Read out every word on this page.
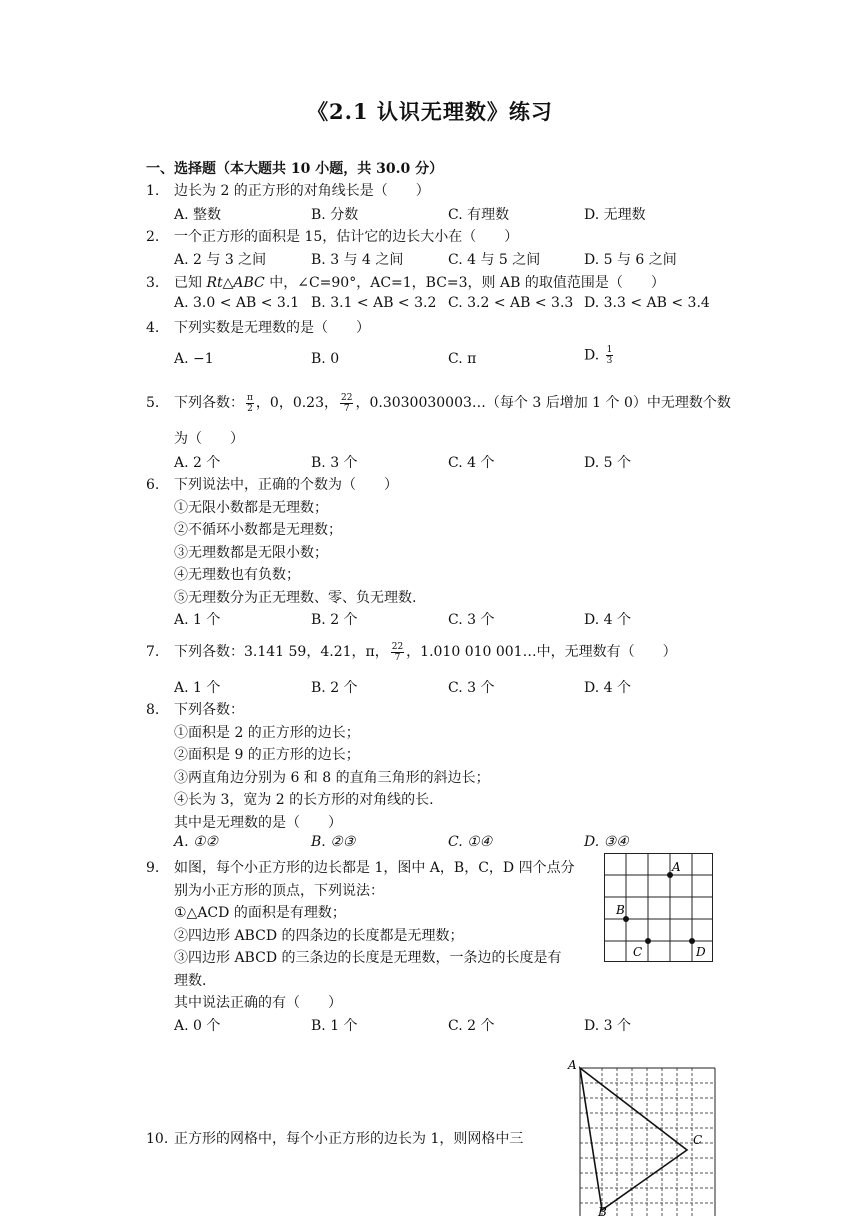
《2.1 认识无理数》练习
一、选择题（本大题共 10 小题，共 30.0 分）
1. 边长为 2 的正方形的对角线长是（　　）
A. 整数	B. 分数	C. 有理数	D. 无理数
2. 一个正方形的面积是 15，估计它的边长大小在（　　）
A. 2 与 3 之间	B. 3 与 4 之间	C. 4 与 5 之间	D. 5 与 6 之间
3. 已知 Rt△ABC 中，∠C=90°，AC=1，BC=3，则 AB 的取值范围是（　　）
A. 3.0 < AB < 3.1 B. 3.1 < AB < 3.2 C. 3.2 < AB < 3.3 D. 3.3 < AB < 3.4
4. 下列实数是无理数的是（　　）
A. −1	B. 0	C. π	D. $\frac{1}{3}$
5. 下列各数： $\frac{\pi}{2}$ ，0，0.23， $\frac{22}{7}$ ，0.3030030003…（每个 3 后增加 1 个 0）中无理数个数
为（　　）
A. 2 个	B. 3 个	C. 4 个	D. 5 个
6. 下列说法中，正确的个数为（　　）
①无限小数都是无理数；
②不循环小数都是无理数；
③无理数都是无限小数；
④无理数也有负数；
⑤无理数分为正无理数、零、负无理数.
A. 1 个	B. 2 个	C. 3 个	D. 4 个
7. 下列各数：3.141 59，4.21，π， $\frac{22}{7}$ ，1.010 010 001…中，无理数有（　　）
A. 1 个	B. 2 个	C. 3 个	D. 4 个
8. 下列各数：
①面积是 2 的正方形的边长；
②面积是 9 的正方形的边长；
③两直角边分别为 6 和 8 的直角三角形的斜边长；
④长为 3，宽为 2 的长方形的对角线的长.
其中是无理数的是（　　）
A. ①②	B. ②③	C. ①④	D. ③④
9. 如图，每个小正方形的边长都是 1，图中 A，B，C，D 四个点分
别为小正方形的顶点，下列说法：
①△ACD 的面积是有理数；
②四边形 ABCD 的四条边的长度都是无理数；
③四边形 ABCD 的三条边的长度是无理数，一条边的长度是有
理数.
其中说法正确的有（　　）
A. 0 个	B. 1 个	C. 2 个	D. 3 个
A
B
C	D
10. 正方形的网格中，每个小正方形的边长为 1，则网格中三
A
C
B
